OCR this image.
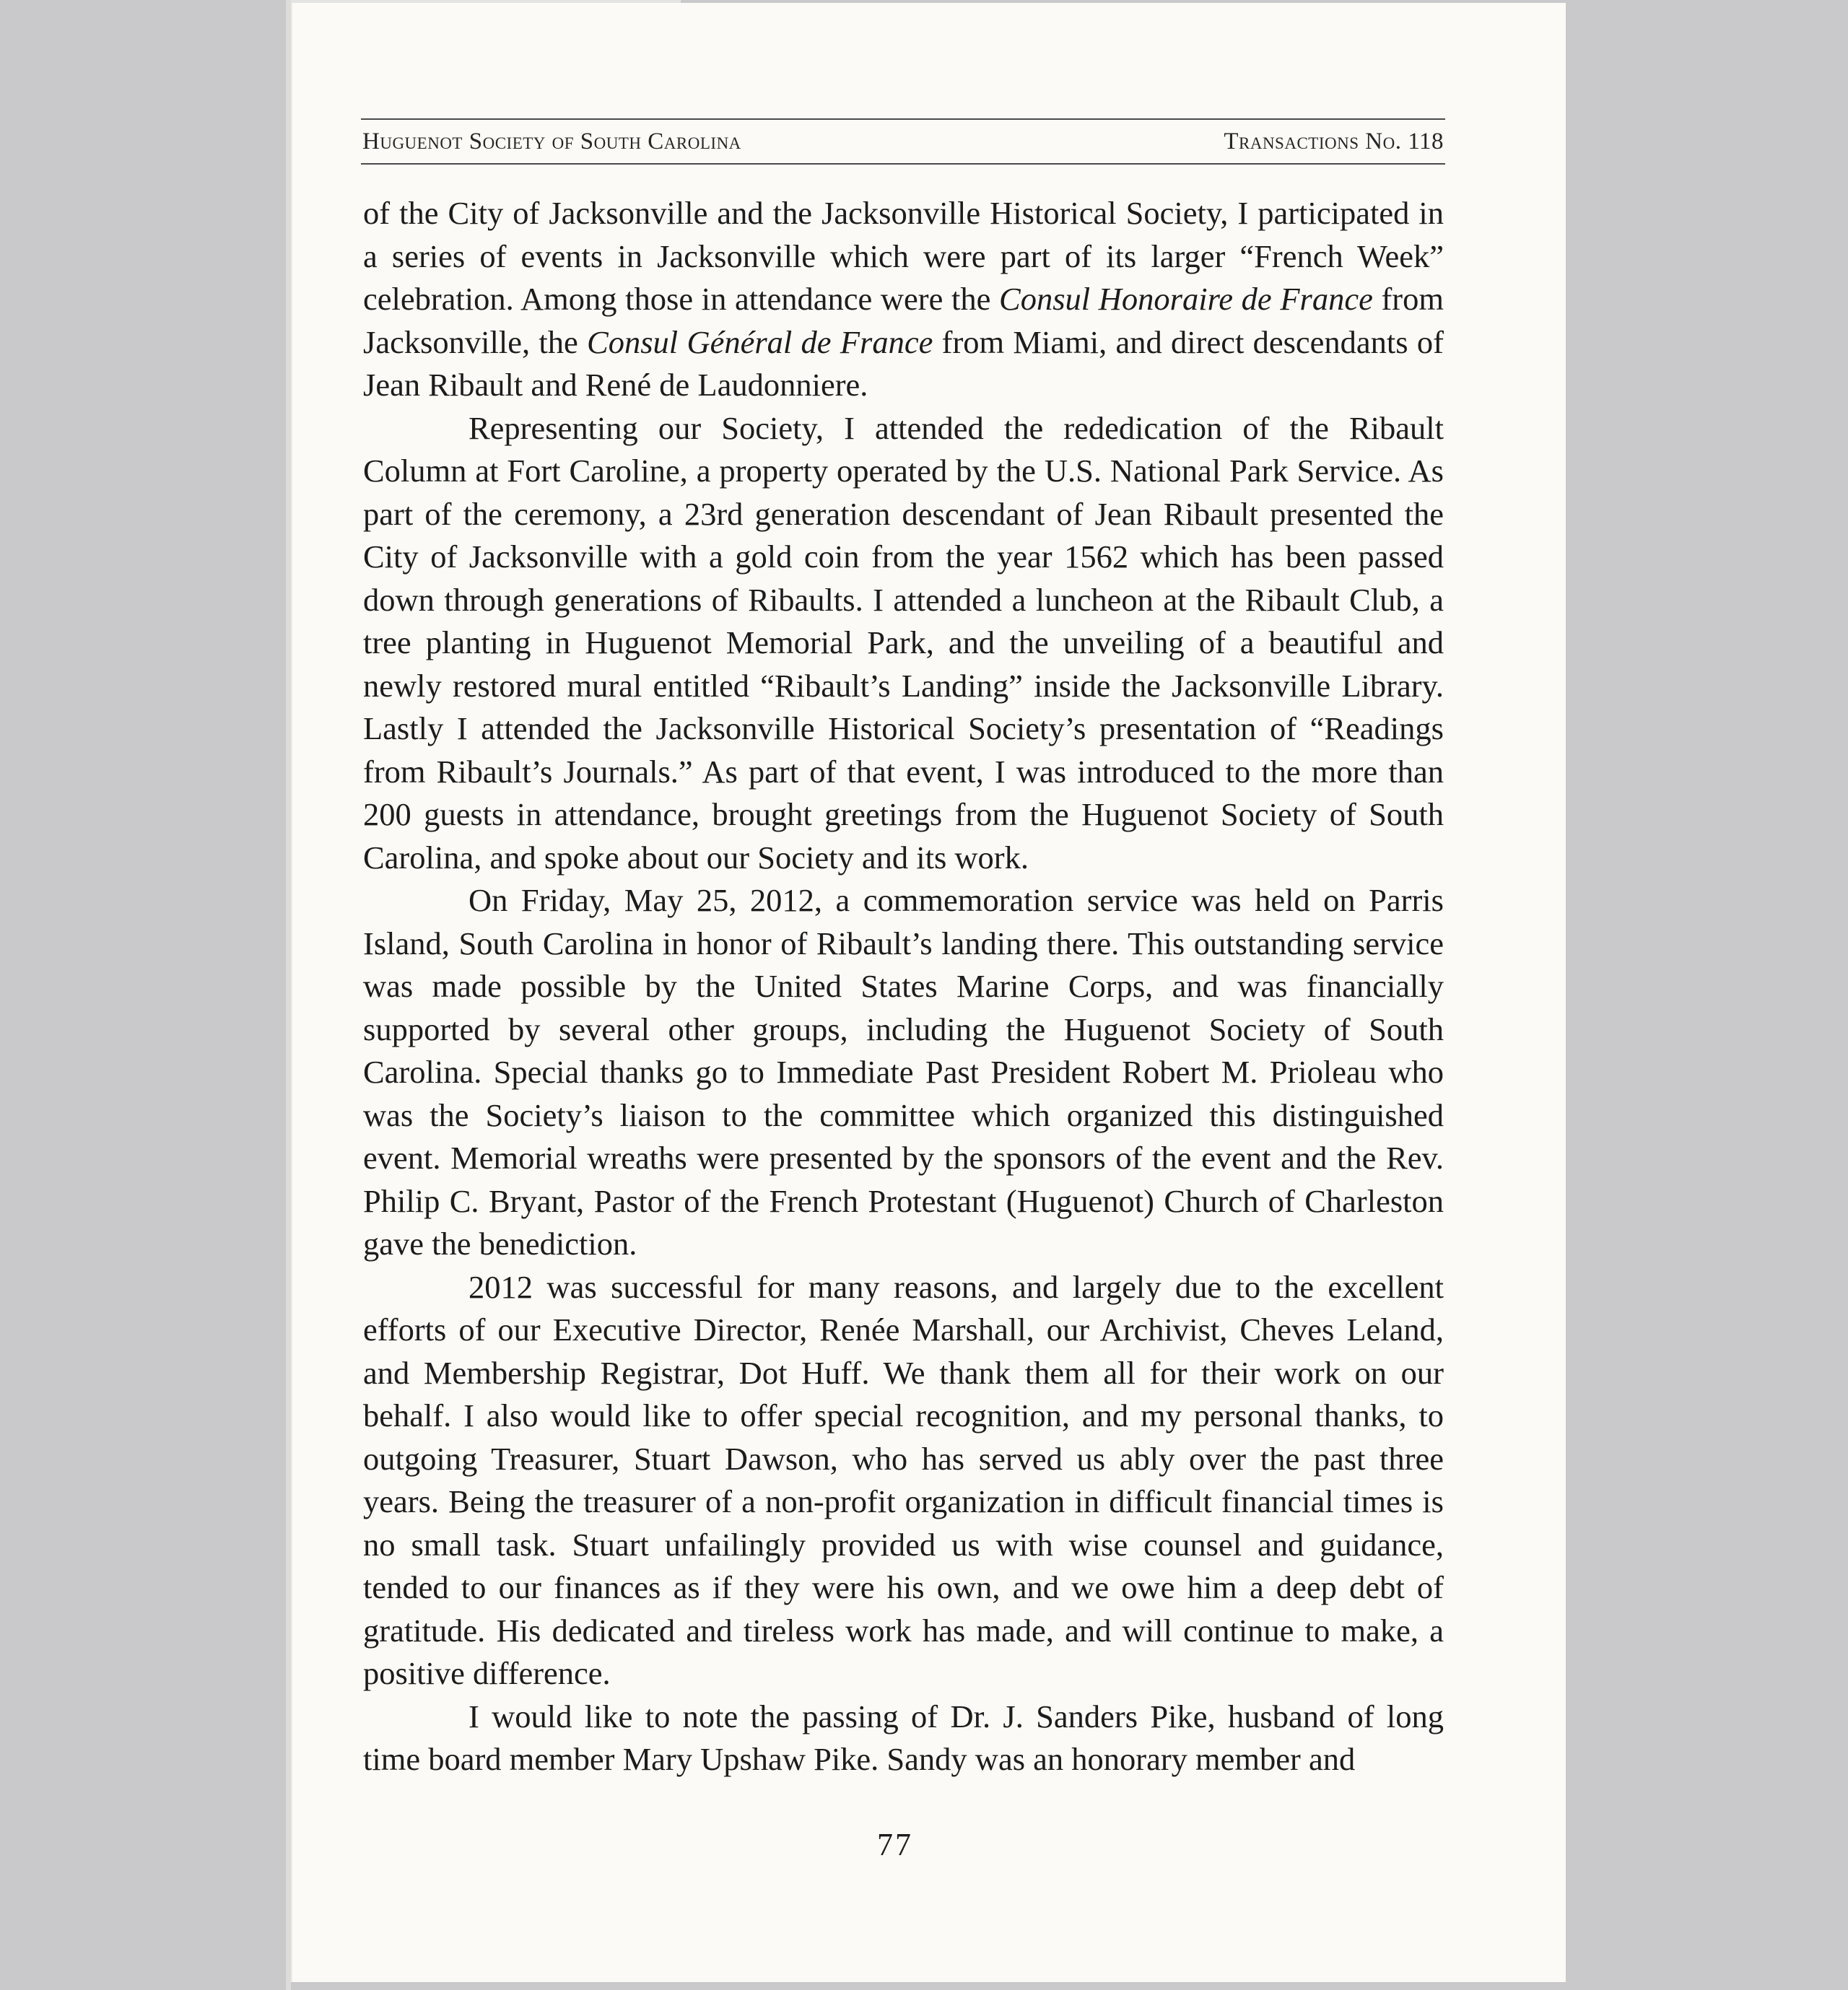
Huguenot Society of South Carolina	Transactions No. 118

of the City of Jacksonville and the Jacksonville Historical Society, I participated in a series of events in Jacksonville which were part of its larger “French Week” celebration. Among those in attendance were the Consul Honoraire de France from Jacksonville, the Consul Général de France from Miami, and direct descendants of Jean Ribault and René de Laudonniere.

Representing our Society, I attended the rededication of the Ribault Column at Fort Caroline, a property operated by the U.S. National Park Service. As part of the ceremony, a 23rd generation descendant of Jean Ribault presented the City of Jacksonville with a gold coin from the year 1562 which has been passed down through generations of Ribaults. I attended a luncheon at the Ribault Club, a tree planting in Huguenot Memorial Park, and the unveiling of a beautiful and newly restored mural entitled “Ribault’s Landing” inside the Jacksonville Library. Lastly I attended the Jacksonville Historical Society’s presentation of “Readings from Ribault’s Journals.” As part of that event, I was introduced to the more than 200 guests in attendance, brought greetings from the Huguenot Society of South Carolina, and spoke about our Society and its work.

On Friday, May 25, 2012, a commemoration service was held on Parris Island, South Carolina in honor of Ribault’s landing there. This outstanding service was made possible by the United States Marine Corps, and was financially supported by several other groups, including the Huguenot Society of South Carolina. Special thanks go to Immediate Past President Robert M. Prioleau who was the Society’s liaison to the committee which organized this distinguished event. Memorial wreaths were presented by the sponsors of the event and the Rev. Philip C. Bryant, Pastor of the French Protestant (Huguenot) Church of Charleston gave the benediction.

2012 was successful for many reasons, and largely due to the excellent efforts of our Executive Director, Renée Marshall, our Archivist, Cheves Leland, and Membership Registrar, Dot Huff. We thank them all for their work on our behalf. I also would like to offer special recognition, and my personal thanks, to outgoing Treasurer, Stuart Dawson, who has served us ably over the past three years. Being the treasurer of a non-profit organization in difficult financial times is no small task. Stuart unfailingly provided us with wise counsel and guidance, tended to our finances as if they were his own, and we owe him a deep debt of gratitude. His dedicated and tireless work has made, and will continue to make, a positive difference.

I would like to note the passing of Dr. J. Sanders Pike, husband of long time board member Mary Upshaw Pike. Sandy was an honorary member and

77
